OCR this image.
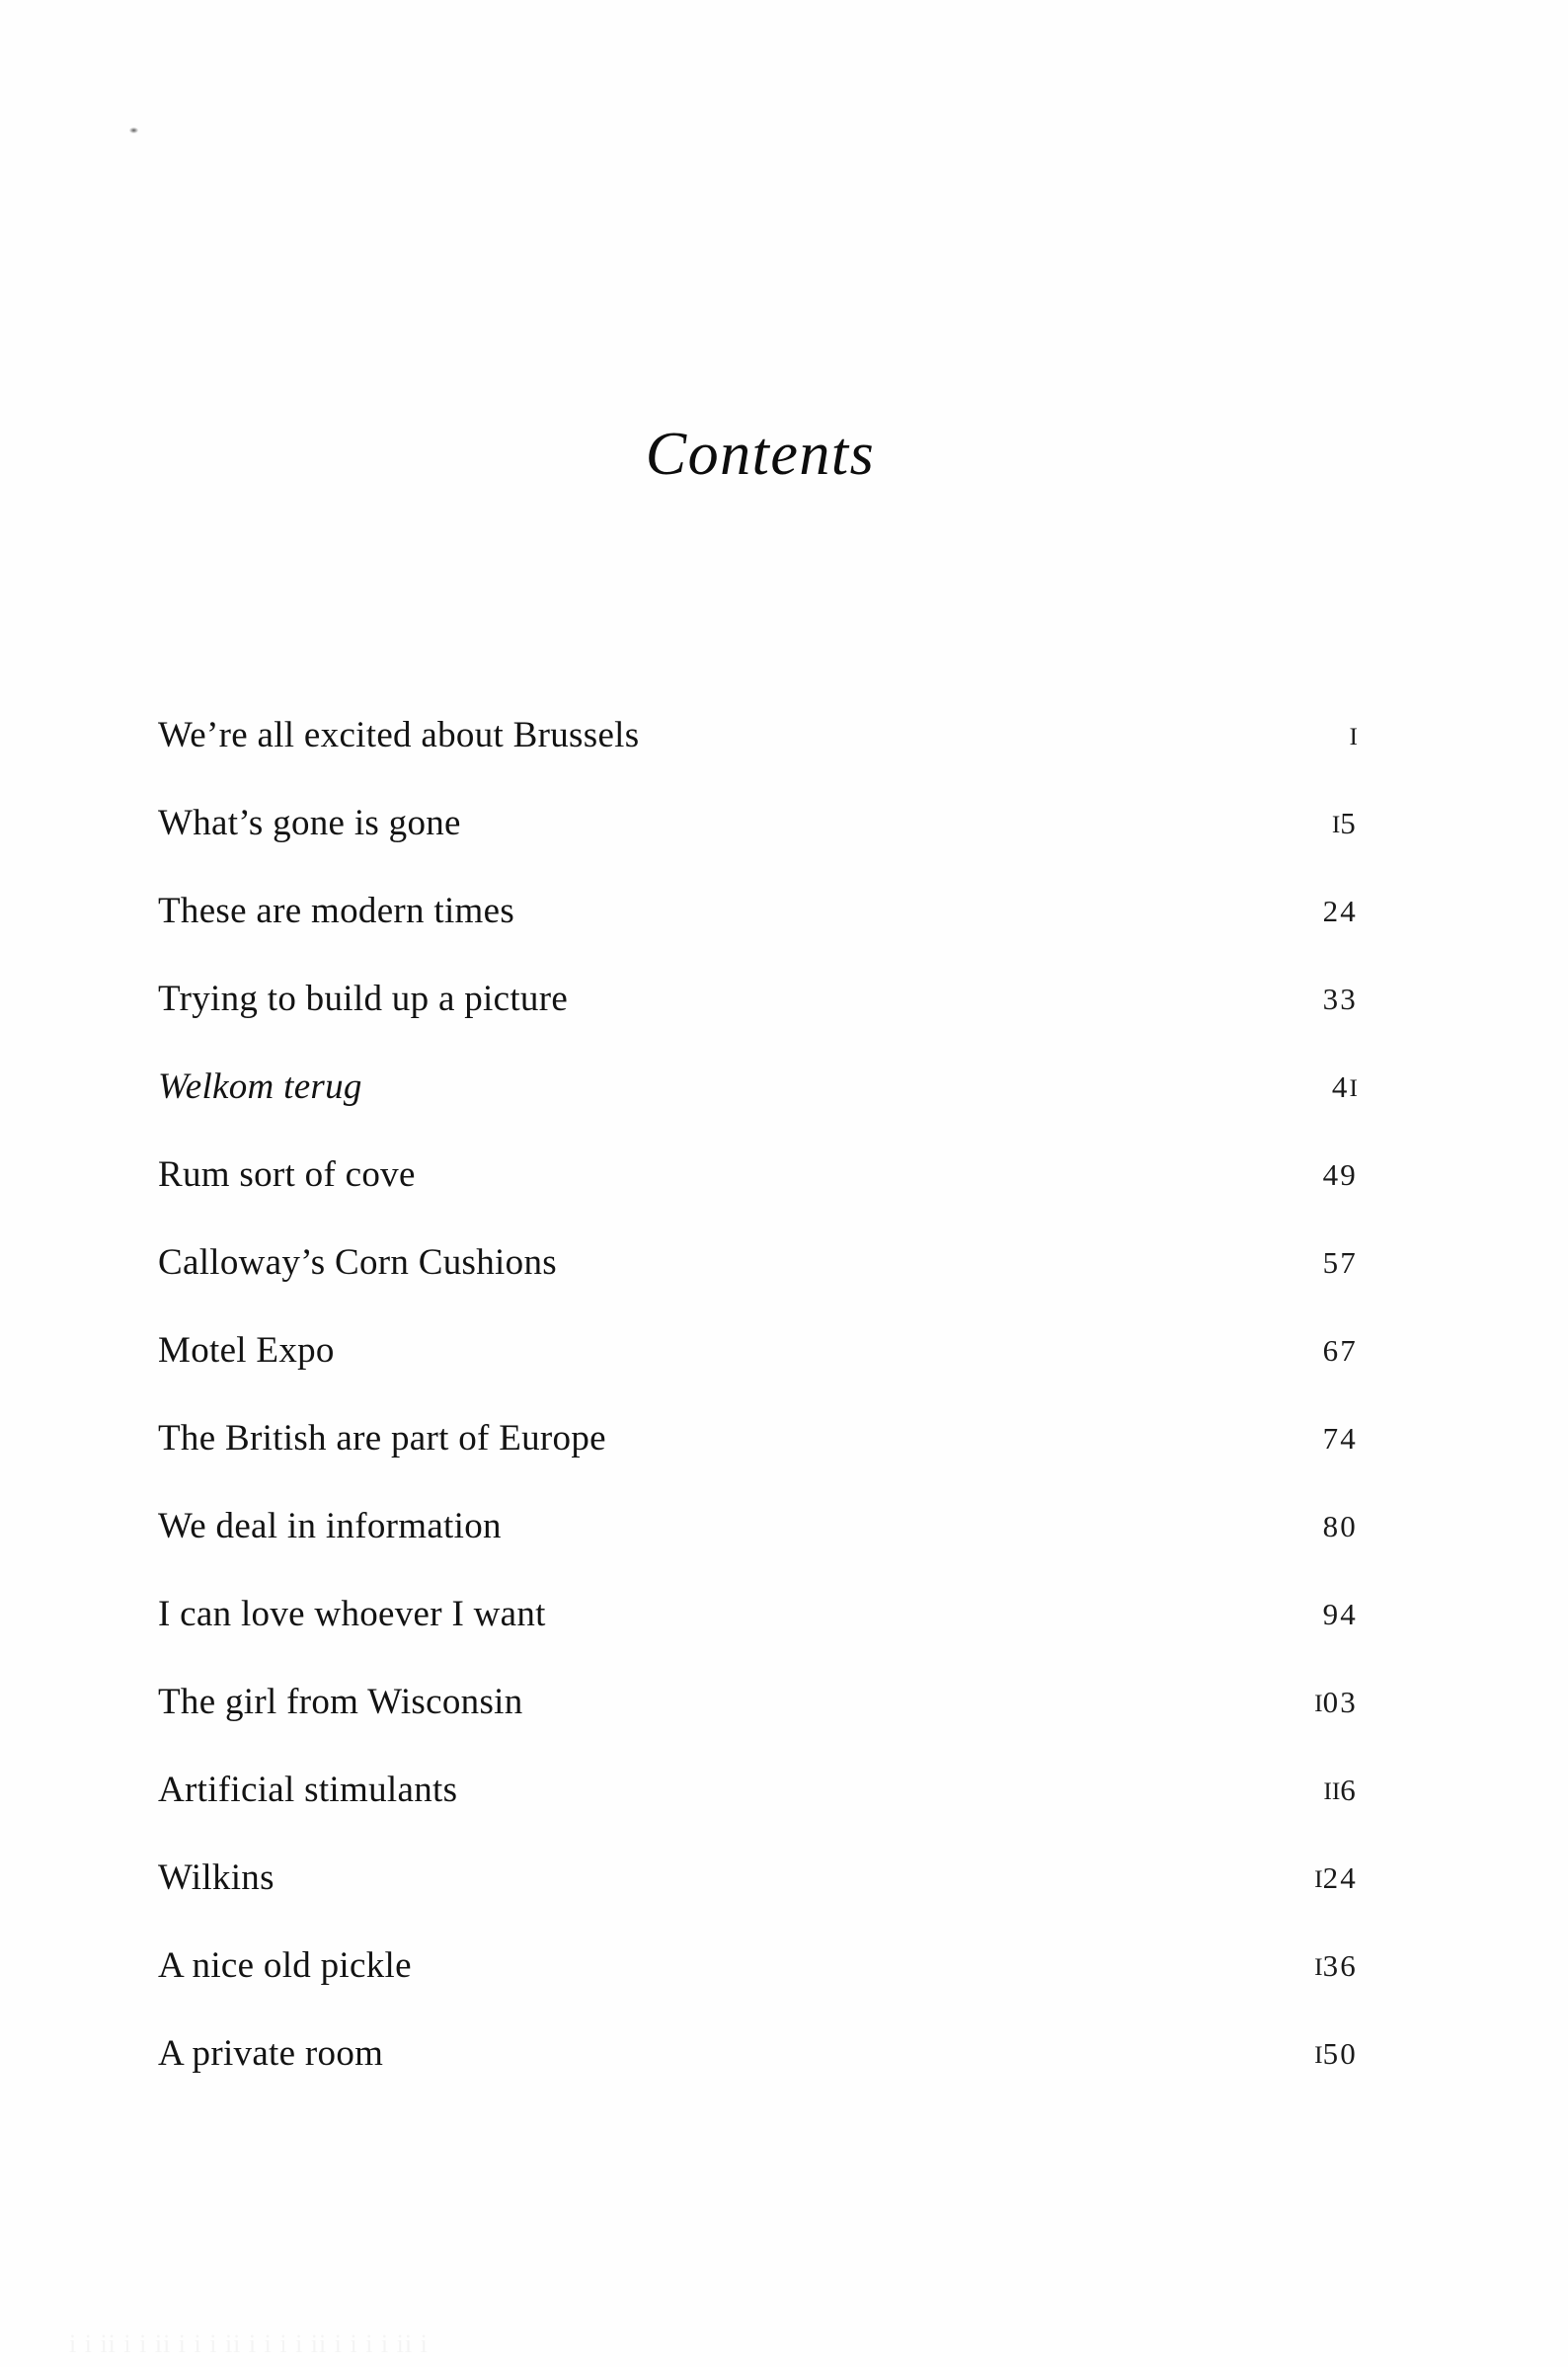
Contents
We’re all excited about Brussels	I
What’s gone is gone	I5
These are modern times	24
Trying to build up a picture	33
Welkom terug	4I
Rum sort of cove	49
Calloway’s Corn Cushions	57
Motel Expo	67
The British are part of Europe	74
We deal in information	80
I can love whoever I want	94
The girl from Wisconsin	I03
Artificial stimulants	II6
Wilkins	I24
A nice old pickle	I36
A private room	I50
